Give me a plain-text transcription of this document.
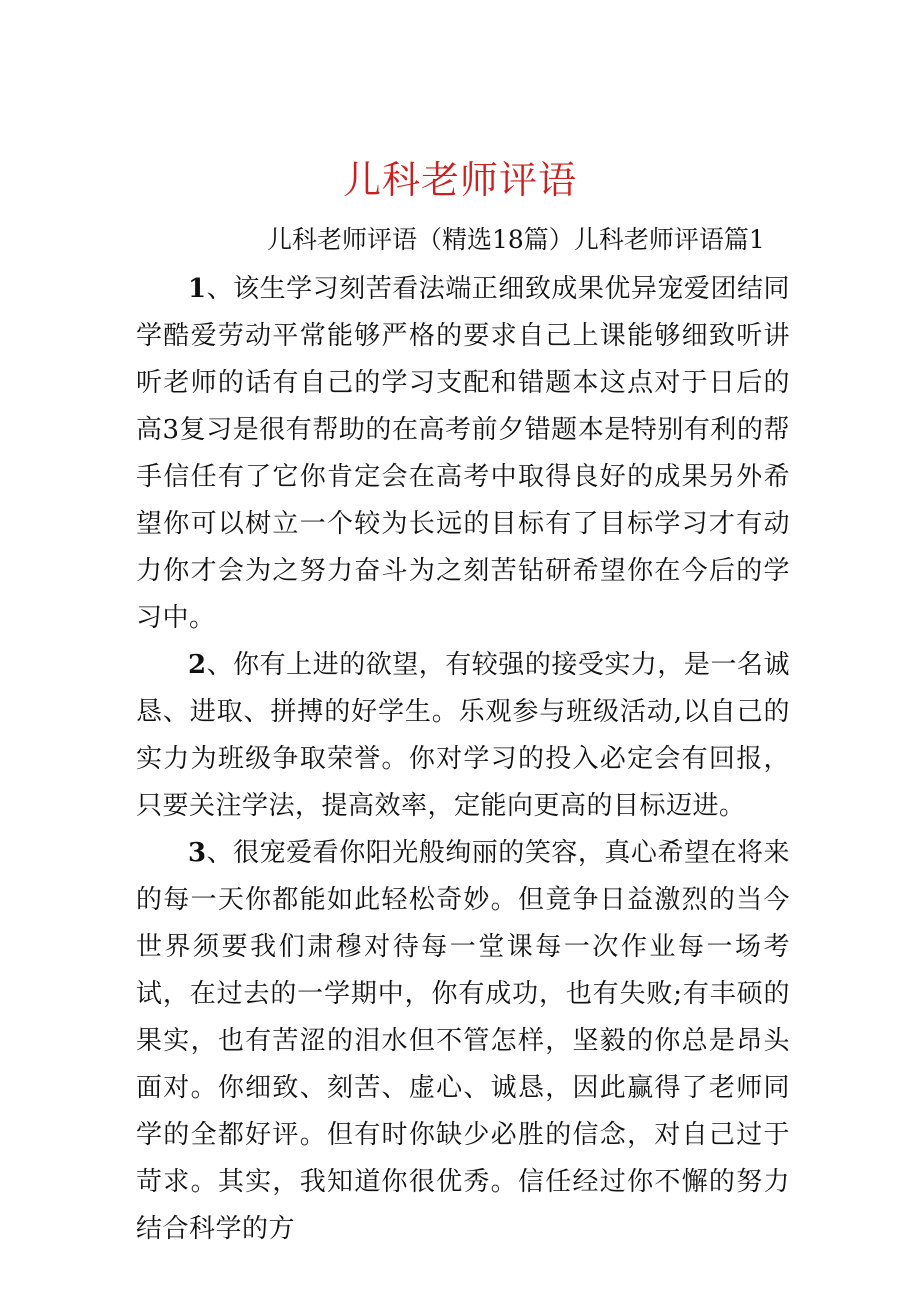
儿科老师评语

儿科老师评语（精选18篇）儿科老师评语篇1

1、该生学习刻苦看法端正细致成果优异宠爱团结同学酷爱劳动平常能够严格的要求自己上课能够细致听讲听老师的话有自己的学习支配和错题本这点对于日后的高3复习是很有帮助的在高考前夕错题本是特别有利的帮手信任有了它你肯定会在高考中取得良好的成果另外希望你可以树立一个较为长远的目标有了目标学习才有动力你才会为之努力奋斗为之刻苦钻研希望你在今后的学习中。

2、你有上进的欲望，有较强的接受实力，是一名诚恳、进取、拼搏的好学生。乐观参与班级活动,以自己的实力为班级争取荣誉。你对学习的投入必定会有回报，只要关注学法，提高效率，定能向更高的目标迈进。

3、很宠爱看你阳光般绚丽的笑容，真心希望在将来的每一天你都能如此轻松奇妙。但竟争日益激烈的当今世界须要我们肃穆对待每一堂课每一次作业每一场考试，在过去的一学期中，你有成功，也有失败;有丰硕的果实，也有苦涩的泪水但不管怎样，坚毅的你总是昂头面对。你细致、刻苦、虚心、诚恳，因此赢得了老师同学的全都好评。但有时你缺少必胜的信念，对自己过于苛求。其实，我知道你很优秀。信任经过你不懈的努力结合科学的方
